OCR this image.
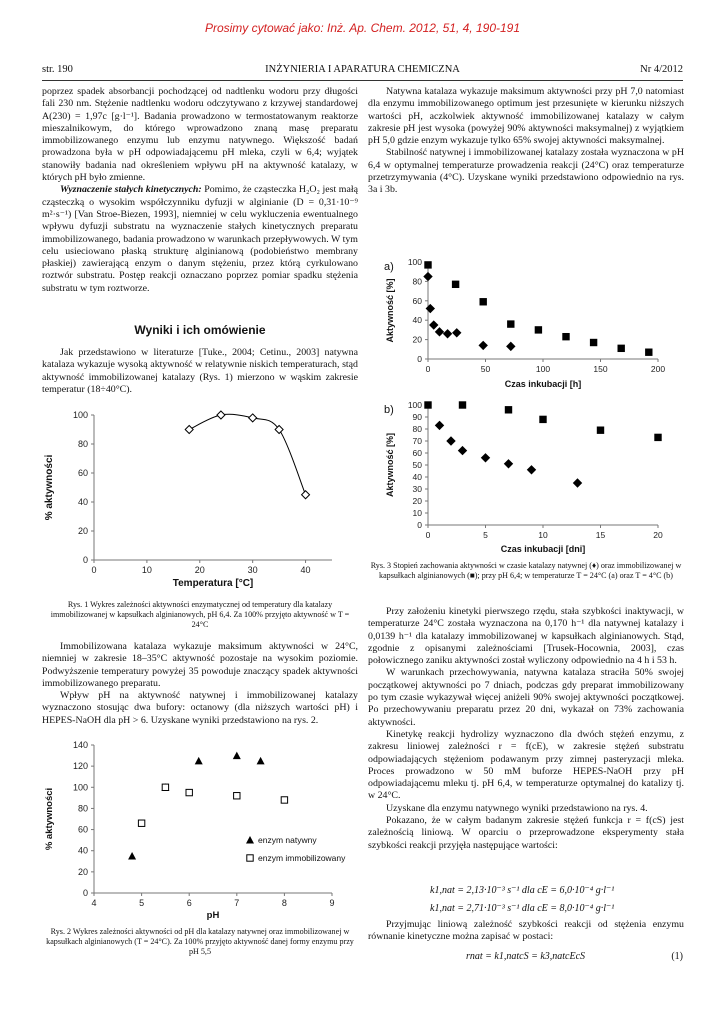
Prosimy cytować jako: Inż. Ap. Chem. 2012, 51, 4, 190-191
str. 190	INŻYNIERIA I APARATURA CHEMICZNA	Nr 4/2012

poprzez spadek absorbancji pochodzącej od nadtlenku wodoru przy długości fali 230 nm. Stężenie nadtlenku wodoru odczytywano z krzywej standardowej A(230) = 1,97c [g·l⁻¹]. Badania prowadzono w termostatowanym reaktorze mieszalnikowym, do którego wprowadzono znaną masę preparatu immobilizowanego enzymu lub enzymu natywnego. Większość badań prowadzona była w pH odpowiadającemu pH mleka, czyli w 6,4; wyjątek stanowiły badania nad określeniem wpływu pH na aktywność katalazy, w których pH było zmienne.

Wyznaczenie stałych kinetycznych: Pomimo, że cząsteczka H₂O₂ jest małą cząsteczką o wysokim współczynniku dyfuzji w alginianie (D = 0,31·10⁻⁹ m²·s⁻¹) [Van Stroe-Biezen, 1993], niemniej w celu wykluczenia ewentualnego wpływu dyfuzji substratu na wyznaczenie stałych kinetycznych preparatu immobilizowanego, badania prowadzono w warunkach przepływowych. W tym celu usieciowano płaską strukturę alginianową (podobieństwo membrany płaskiej) zawierającą enzym o danym stężeniu, przez którą cyrkulowano roztwór substratu. Postęp reakcji oznaczano poprzez pomiar spadku stężenia substratu w tym roztworze.

Wyniki i ich omówienie

Jak przedstawiono w literaturze [Tuke., 2004; Cetinu., 2003] natywna katalaza wykazuje wysoką aktywność w relatywnie niskich temperaturach, stąd aktywność immobilizowanej katalazy (Rys. 1) mierzono w wąskim zakresie temperatur (18÷40°C).

0	10	20	30	40
0
20
40
60
80
100
Temperatura [°C]
% aktywności
Rys. 1 Wykres zależności aktywności enzymatycznej od temperatury dla katalazy immobilizowanej w kapsułkach alginianowych, pH 6,4. Za 100% przyjęto aktywność w T = 24°C

Immobilizowana katalaza wykazuje maksimum aktywności w 24°C, niemniej w zakresie 18–35°C aktywność pozostaje na wysokim poziomie. Podwyższenie temperatury powyżej 35 powoduje znaczący spadek aktywności immobilizowanego preparatu.

Wpływ pH na aktywność natywnej i immobilizowanej katalazy wyznaczono stosując dwa bufory: octanowy (dla niższych wartości pH) i HEPES-NaOH dla pH > 6. Uzyskane wyniki przedstawiono na rys. 2.

4	5	6	7	8	9
0
20
40
60
80
100
120
140
pH
% aktywności	enzym natywny
enzym immobilizowany
Rys. 2 Wykres zależności aktywności od pH dla katalazy natywnej oraz immobilizowanej w kapsułkach alginianowych (T = 24°C). Za 100% przyjęto aktywność danej formy enzymu przy pH 5,5

Natywna katalaza wykazuje maksimum aktywności przy pH 7,0 natomiast dla enzymu immobilizowanego optimum jest przesunięte w kierunku niższych wartości pH, aczkolwiek aktywność immobilizowanej katalazy w całym zakresie pH jest wysoka (powyżej 90% aktywności maksymalnej) z wyjątkiem pH 5,0 gdzie enzym wykazuje tylko 65% swojej aktywności maksymalnej.

Stabilność natywnej i immobilizowanej katalazy została wyznaczona w pH 6,4 w optymalnej temperaturze prowadzenia reakcji (24°C) oraz temperaturze przetrzymywania (4°C). Uzyskane wyniki przedstawiono odpowiednio na rys. 3a i 3b.

0	50	100	150	200
0
20
40
60
80
100
Czas inkubacji [h]
Aktywność [%]
a)
0	5	10	15	20
0
10
20
30
40
50
60
70
80
90
100
Czas inkubacji [dni]
Aktywność [%]
b)
Rys. 3 Stopień zachowania aktywności w czasie katalazy natywnej (♦) oraz immobilizowanej w kapsułkach alginianowych (■); przy pH 6,4; w temperaturze T = 24°C (a) oraz T = 4°C (b)

Przy założeniu kinetyki pierwszego rzędu, stała szybkości inaktywacji, w temperaturze 24°C została wyznaczona na 0,170 h⁻¹ dla natywnej katalazy i 0,0139 h⁻¹ dla katalazy immobilizowanej w kapsułkach alginianowych. Stąd, zgodnie z opisanymi zależnościami [Trusek-Hocownia, 2003], czas połowicznego zaniku aktywności został wyliczony odpowiednio na 4 h i 53 h.

W warunkach przechowywania, natywna katalaza straciła 50% swojej początkowej aktywności po 7 dniach, podczas gdy preparat immobilizowany po tym czasie wykazywał więcej aniżeli 90% swojej aktywności początkowej. Po przechowywaniu preparatu przez 20 dni, wykazał on 73% zachowania aktywności.

Kinetykę reakcji hydrolizy wyznaczono dla dwóch stężeń enzymu, z zakresu liniowej zależności r = f(cE), w zakresie stężeń substratu odpowiadających stężeniom podawanym przy zimnej pasteryzacji mleka. Proces prowadzono w 50 mM buforze HEPES-NaOH przy pH odpowiadającemu mleku tj. pH 6,4, w temperaturze optymalnej do katalizy tj. w 24°C.

Uzyskane dla enzymu natywnego wyniki przedstawiono na rys. 4.

Pokazano, że w całym badanym zakresie stężeń funkcja r = f(cS) jest zależnością liniową. W oparciu o przeprowadzone eksperymenty stała szybkości reakcji przyjęła następujące wartości:

k1,nat = 2,13·10⁻³ s⁻¹ dla cE = 6,0·10⁻⁴ g·l⁻¹
k1,nat = 2,71·10⁻³ s⁻¹ dla cE = 8,0·10⁻⁴ g·l⁻¹

Przyjmując liniową zależność szybkości reakcji od stężenia enzymu równanie kinetyczne można zapisać w postaci:

rnat = k1,natcS = k3,natcEcS	(1)
